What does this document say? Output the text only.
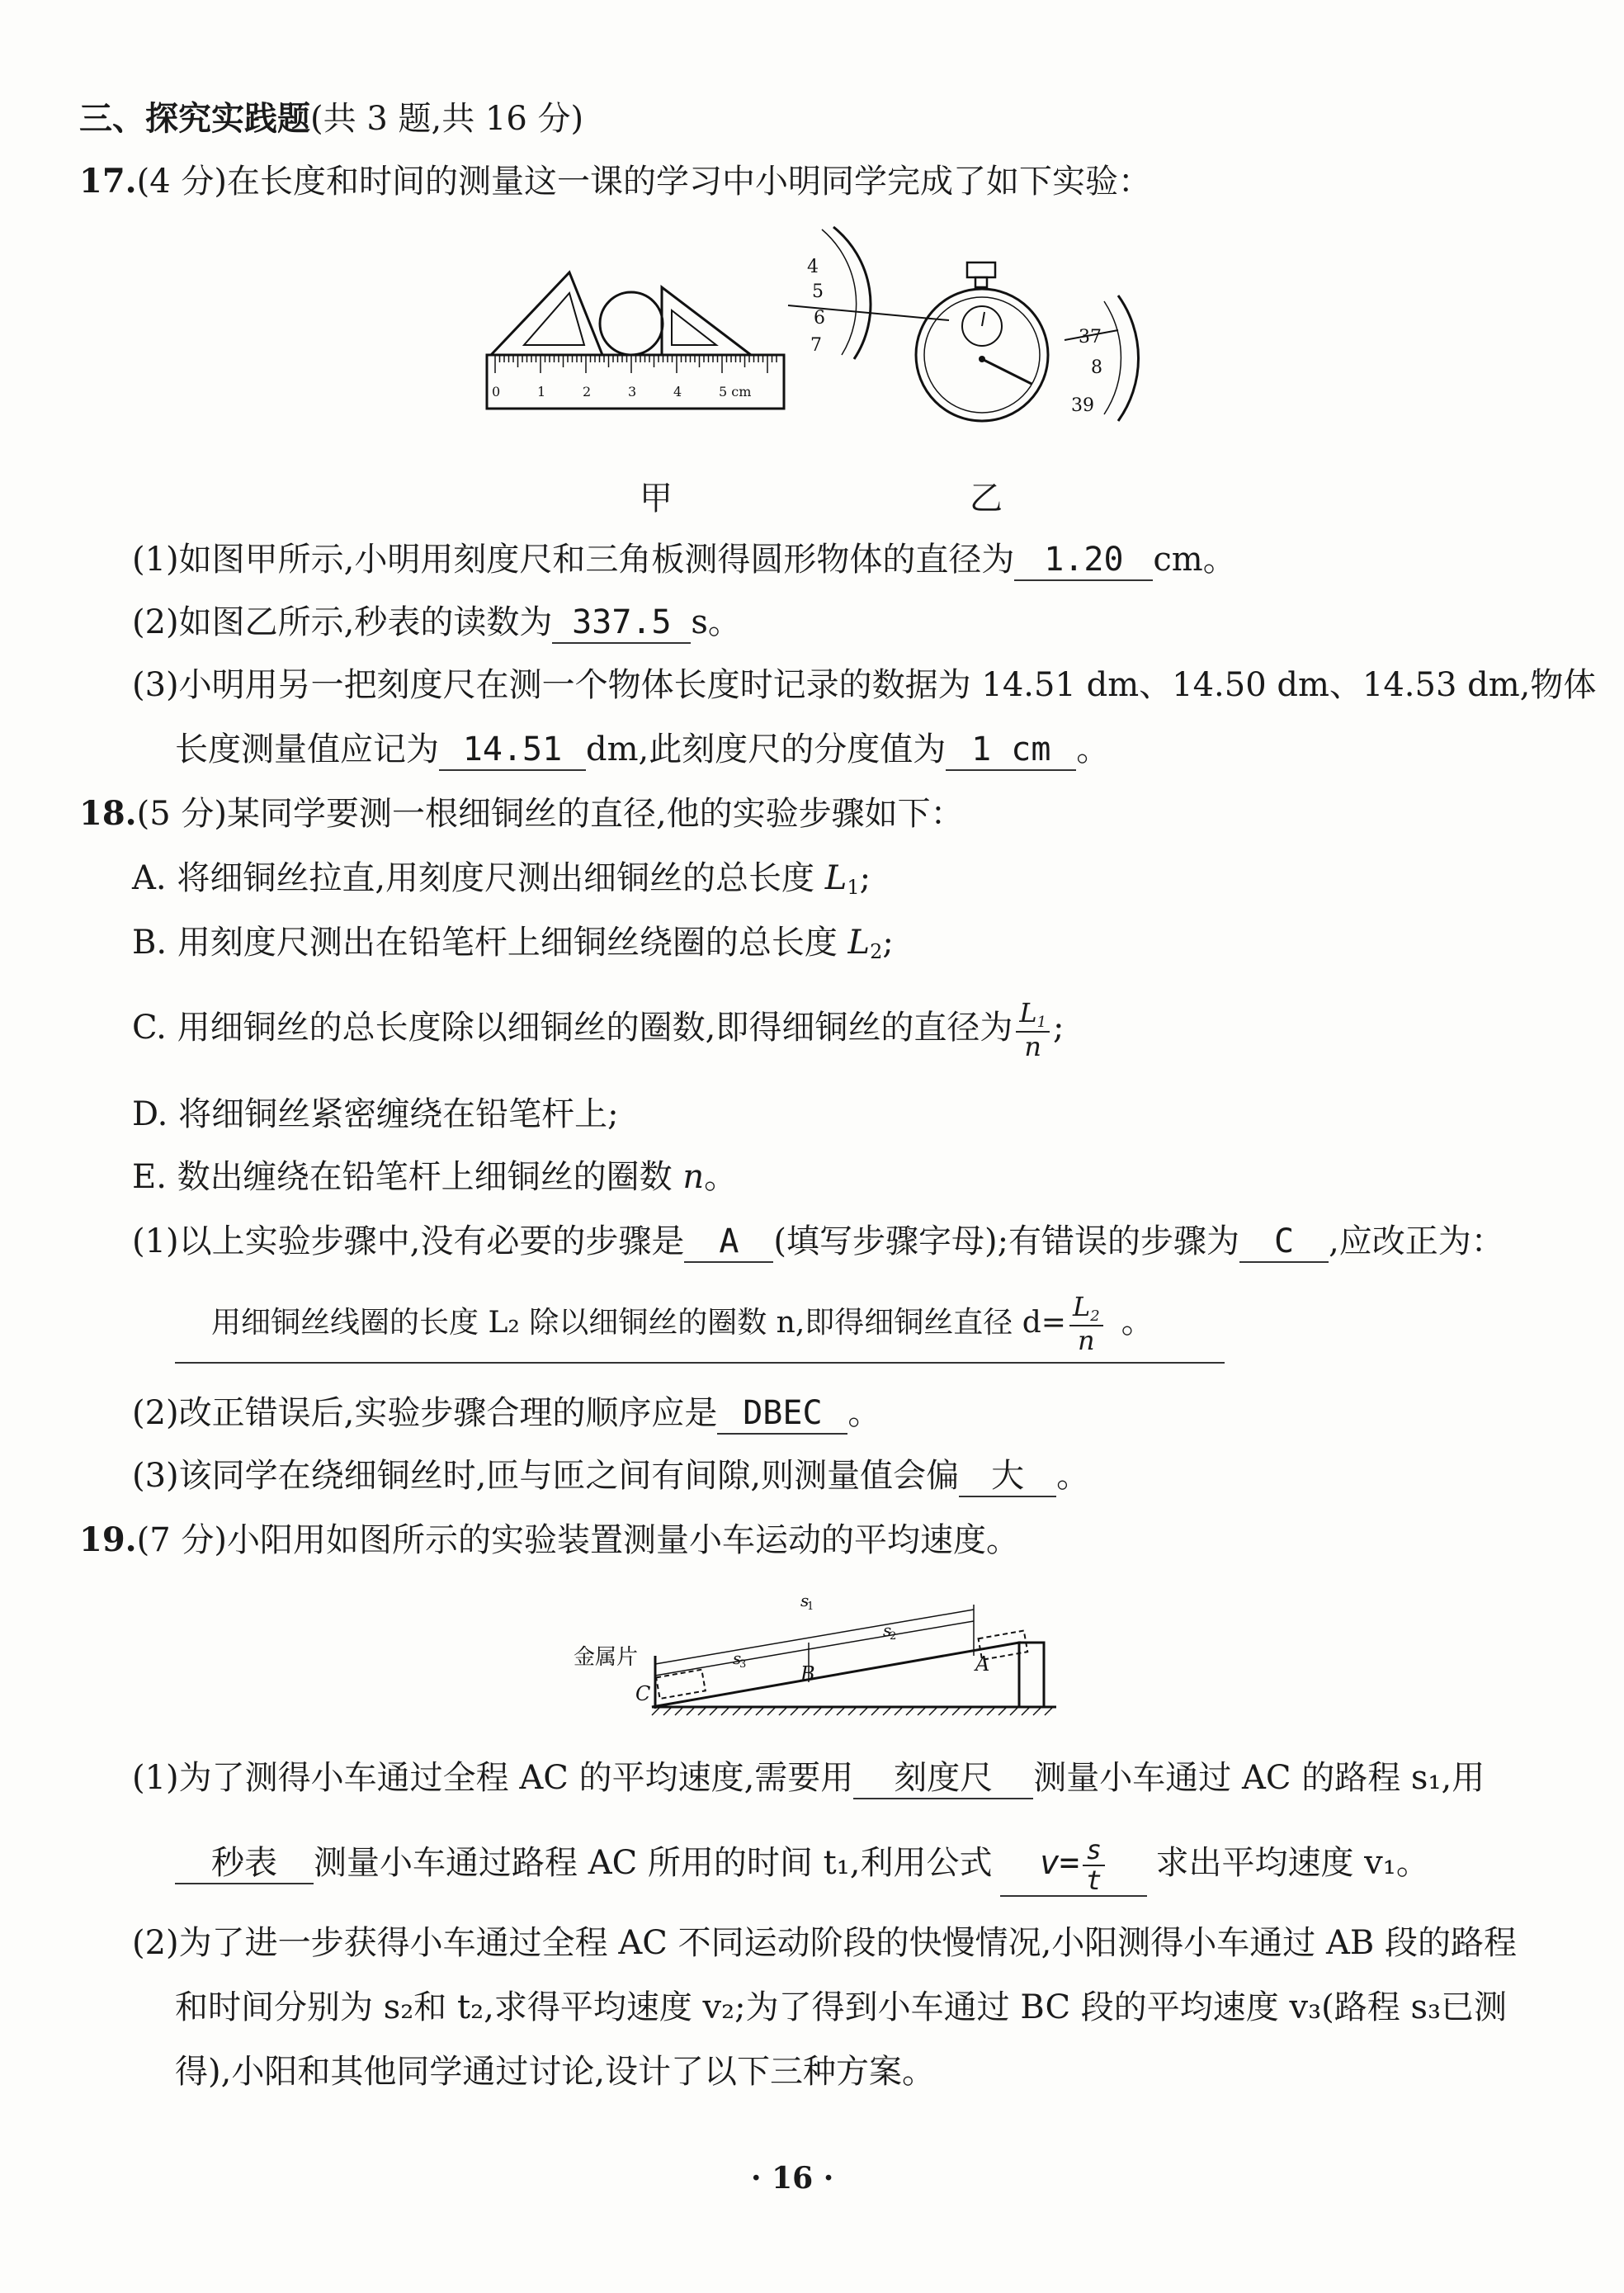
三、探究实践题(共 3 题,共 16 分)
17.(4 分)在长度和时间的测量这一课的学习中小明同学完成了如下实验：
0	1	2	3	4	5 cm
4
5
6
7	37
8
39
甲	乙
(1)如图甲所示,小明用刻度尺和三角板测得圆形物体的直径为 1.20 cm。
(2)如图乙所示,秒表的读数为 337.5 s。
(3)小明用另一把刻度尺在测一个物体长度时记录的数据为 14.51 dm、14.50 dm、14.53 dm,物体
长度测量值应记为 14.51 dm,此刻度尺的分度值为 1 cm 。
18.(5 分)某同学要测一根细铜丝的直径,他的实验步骤如下：
A. 将细铜丝拉直,用刻度尺测出细铜丝的总长度 $L_1$;
B. 用刻度尺测出在铅笔杆上细铜丝绕圈的总长度 $L_2$;
C. 用细铜丝的总长度除以细铜丝的圈数,即得细铜丝的直径为 $\frac{L_1}{n}$ ;
D. 将细铜丝紧密缠绕在铅笔杆上;
E. 数出缠绕在铅笔杆上细铜丝的圈数 n。
(1)以上实验步骤中,没有必要的步骤是 A (填写步骤字母);有错误的步骤为 C ,应改正为：
用细铜丝线圈的长度 L₂ 除以细铜丝的圈数 n,即得细铜丝直径 $d= \frac{L_2}{n}$ 。
(2)改正错误后,实验步骤合理的顺序应是 DBEC 。
(3)该同学在绕细铜丝时,匝与匝之间有间隙,则测量值会偏 大 。
19.(7 分)小阳用如图所示的实验装置测量小车运动的平均速度。
s
1
s
2
s
3
金属片
C
B	A
(1)为了测得小车通过全程 AC 的平均速度,需要用 刻度尺 测量小车通过 AC 的路程 s₁,用
秒表 测量小车通过路程 AC 所用的时间 t₁,利用公式 $v= \frac{s}{t}$ 求出平均速度 v₁。
(2)为了进一步获得小车通过全程 AC 不同运动阶段的快慢情况,小阳测得小车通过 AB 段的路程
和时间分别为 s₂和 t₂,求得平均速度 v₂;为了得到小车通过 BC 段的平均速度 v₃(路程 s₃已测
得),小阳和其他同学通过讨论,设计了以下三种方案。
· 16 ·
